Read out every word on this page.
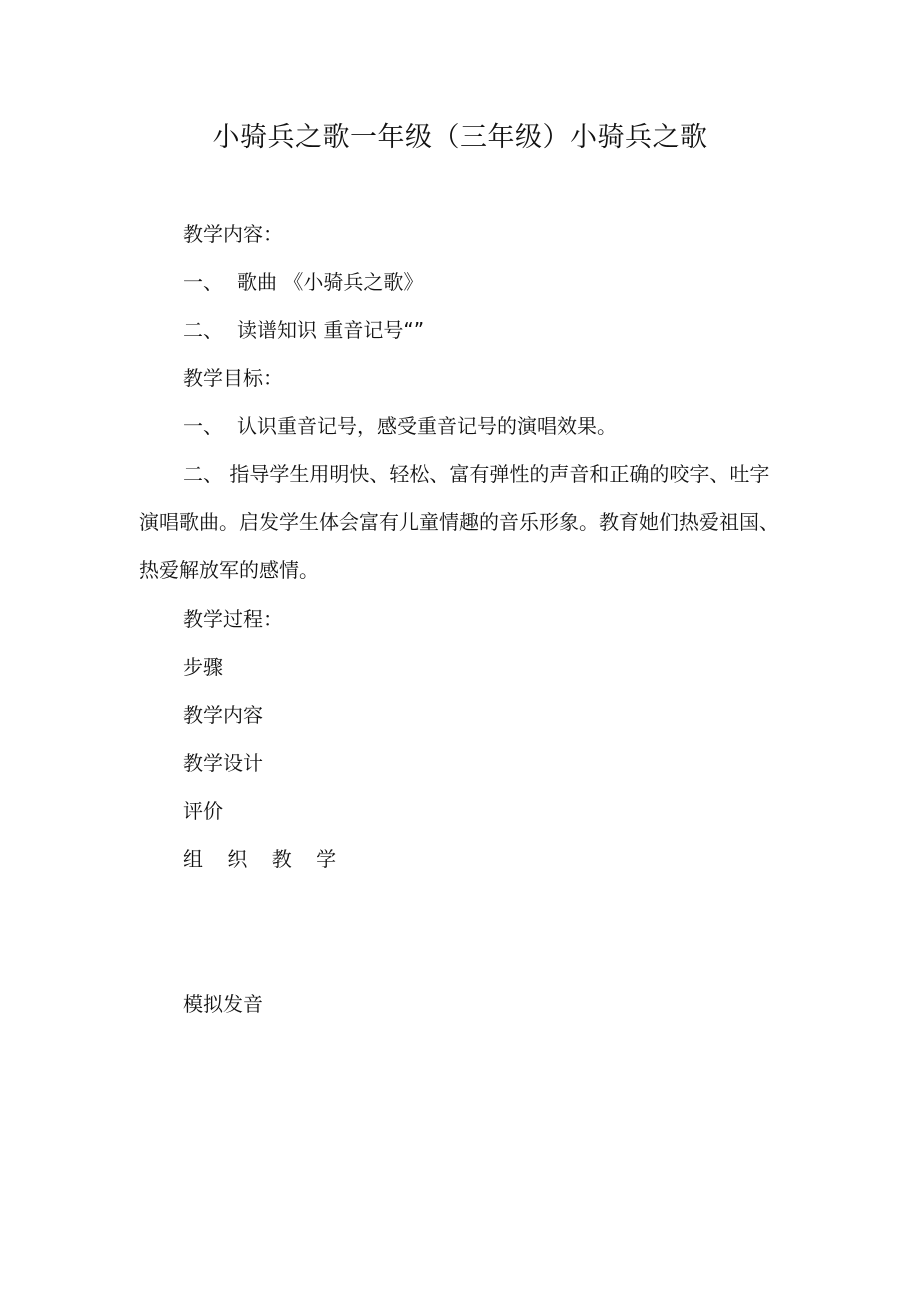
小骑兵之歌一年级（三年级）小骑兵之歌
教学内容：
一、 歌曲 《小骑兵之歌》
二、 读谱知识 重音记号“”
教学目标：
一、 认识重音记号，感受重音记号的演唱效果。
二、 指导学生用明快、轻松、富有弹性的声音和正确的咬字、吐字演唱歌曲。启发学生体会富有儿童情趣的音乐形象。教育她们热爱祖国、热爱解放军的感情。
教学过程：
步骤
教学内容
教学设计
评价
组 织 教 学
模拟发音
